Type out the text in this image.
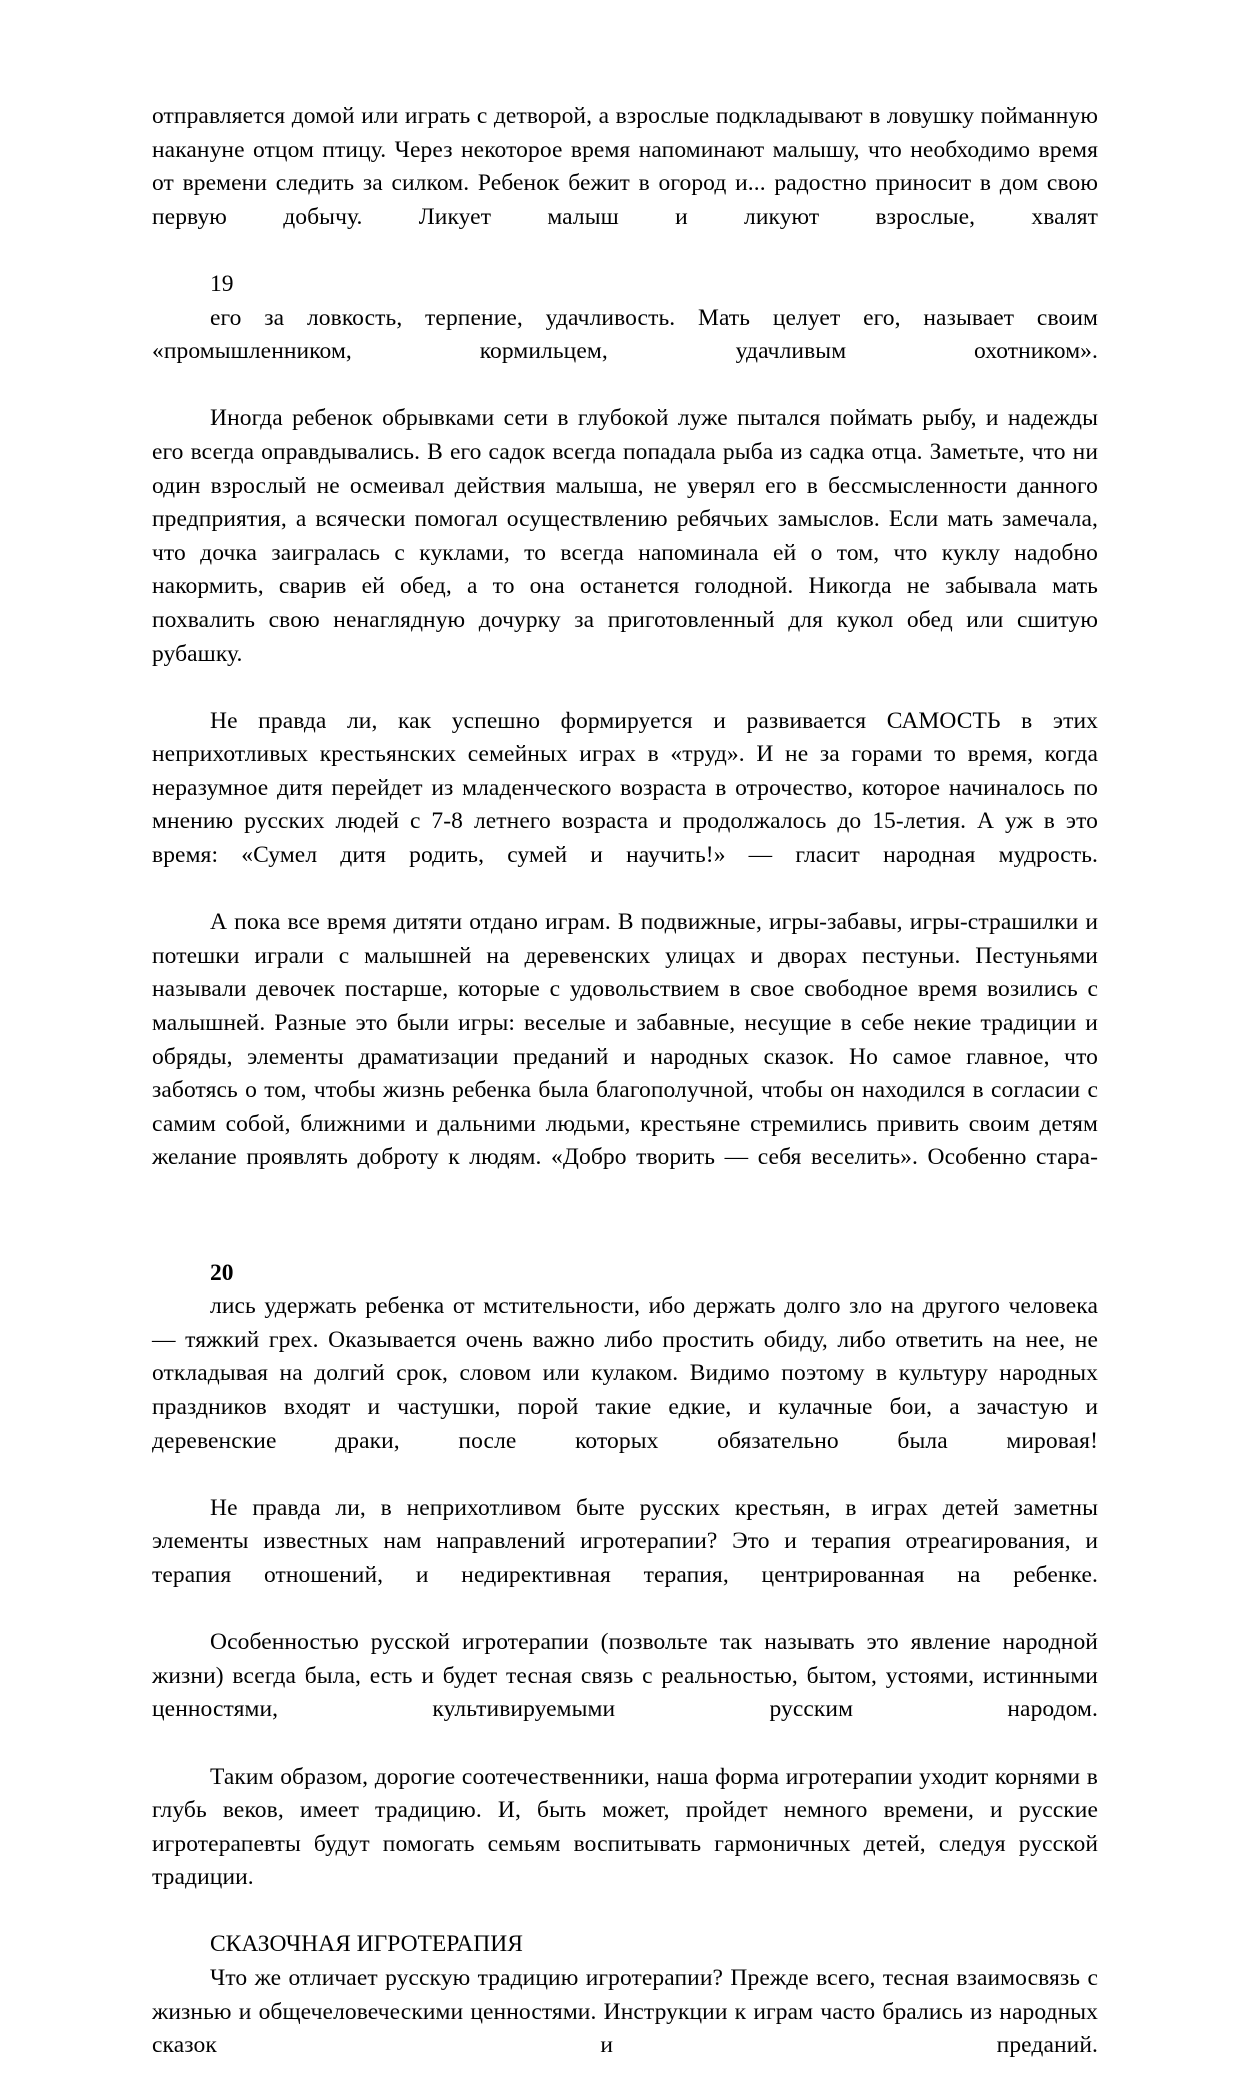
отправляется домой или играть с детворой, а взрослые подкладывают в ловушку пойманную накануне отцом птицу. Через некоторое время напоминают малышу, что необходимо время от времени следить за силком. Ребенок бежит в огород и... радостно приносит в дом свою первую добычу. Ликует малыш и ликуют взрослые, хвалят

19

его за ловкость, терпение, удачливость. Мать целует его, называет своим «промышленником, кормильцем, удачливым охотником».

Иногда ребенок обрывками сети в глубокой луже пытался поймать рыбу, и надежды его всегда оправдывались. В его садок всегда попадала рыба из садка отца. Заметьте, что ни один взрослый не осмеивал действия малыша, не уверял его в бессмысленности данного предприятия, а всячески помогал осуществлению ребячьих замыслов. Если мать замечала, что дочка заигралась с куклами, то всегда напоминала ей о том, что куклу надобно накормить, сварив ей обед, а то она останется голодной. Никогда не забывала мать похвалить свою ненаглядную дочурку за приготовленный для кукол обед или сшитую рубашку.

Не правда ли, как успешно формируется и развивается САМОСТЬ в этих неприхотливых крестьянских семейных играх в «труд». И не за горами то время, когда неразумное дитя перейдет из младенческого возраста в отрочество, которое начиналось по мнению русских людей с 7-8 летнего возраста и продолжалось до 15-летия. А уж в это время: «Сумел дитя родить, сумей и научить!» — гласит народная мудрость.

А пока все время дитяти отдано играм. В подвижные, игры-забавы, игры-страшилки и потешки играли с малышней на деревенских улицах и дворах пестуньи. Пестуньями называли девочек постарше, которые с удовольствием в свое свободное время возились с малышней. Разные это были игры: веселые и забавные, несущие в себе некие традиции и обряды, элементы драматизации преданий и народных сказок. Но самое главное, что заботясь о том, чтобы жизнь ребенка была благополучной, чтобы он находился в согласии с самим собой, ближними и дальними людьми, крестьяне стремились привить своим детям желание проявлять доброту к людям. «Добро творить — себя веселить». Особенно стара-

20

лись удержать ребенка от мстительности, ибо держать долго зло на другого человека — тяжкий грех. Оказывается очень важно либо простить обиду, либо ответить на нее, не откладывая на долгий срок, словом или кулаком. Видимо поэтому в культуру народных праздников входят и частушки, порой такие едкие, и кулачные бои, а зачастую и деревенские драки, после которых обязательно была мировая!

Не правда ли, в неприхотливом быте русских крестьян, в играх детей заметны элементы известных нам направлений игротерапии? Это и терапия отреагирования, и терапия отношений, и недирективная терапия, центрированная на ребенке.

Особенностью русской игротерапии (позвольте так называть это явление народной жизни) всегда была, есть и будет тесная связь с реальностью, бытом, устоями, истинными ценностями, культивируемыми русским народом.

Таким образом, дорогие соотечественники, наша форма игротерапии уходит корнями в глубь веков, имеет традицию. И, быть может, пройдет немного времени, и русские игротерапевты будут помогать семьям воспитывать гармоничных детей, следуя русской традиции.

СКАЗОЧНАЯ ИГРОТЕРАПИЯ

Что же отличает русскую традицию игротерапии? Прежде всего, тесная взаимосвязь с жизнью и общечеловеческими ценностями. Инструкции к играм часто брались из народных сказок и преданий.
